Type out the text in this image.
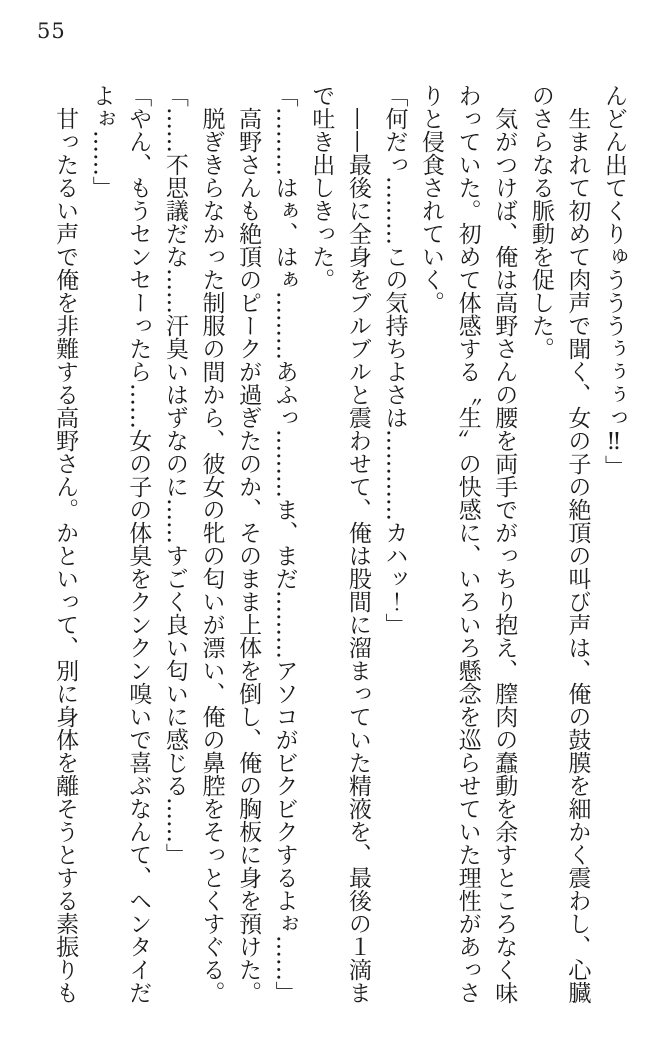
55

んどん出てくりゅうううぅぅぅっ‼」

生まれて初めて肉声で聞く、女の子の絶頂の叫び声は、俺の鼓膜を細かく震わし、心臓のさらなる脈動を促した。

気がつけば、俺は高野さんの腰を両手でがっちり抱え、膣肉の蠢動を余すところなく味わっていた。初めて体感する〝生〟の快感に、いろいろ懸念を巡らせていた理性があっさりと侵食されていく。

「何だっ………この気持ちよさは…………カハッ！」

——最後に全身をブルブルと震わせて、俺は股間に溜まっていた精液を、最後の１滴まで吐き出しきった。

「………はぁ、はぁ………あふっ………ま、まだ………アソコがビクビクするよぉ……」

高野さんも絶頂のピークが過ぎたのか、そのまま上体を倒し、俺の胸板に身を預けた。

脱ぎきらなかった制服の間から、彼女の牝の匂いが漂い、俺の鼻腔をそっとくすぐる。

「……不思議だな……汗臭いはずなのに……すごく良い匂いに感じる……」

「やん、もうセンセーったら……女の子の体臭をクンクン嗅いで喜ぶなんて、ヘンタイだよぉ……」

甘ったるい声で俺を非難する高野さん。かといって、別に身体を離そうとする素振りも
